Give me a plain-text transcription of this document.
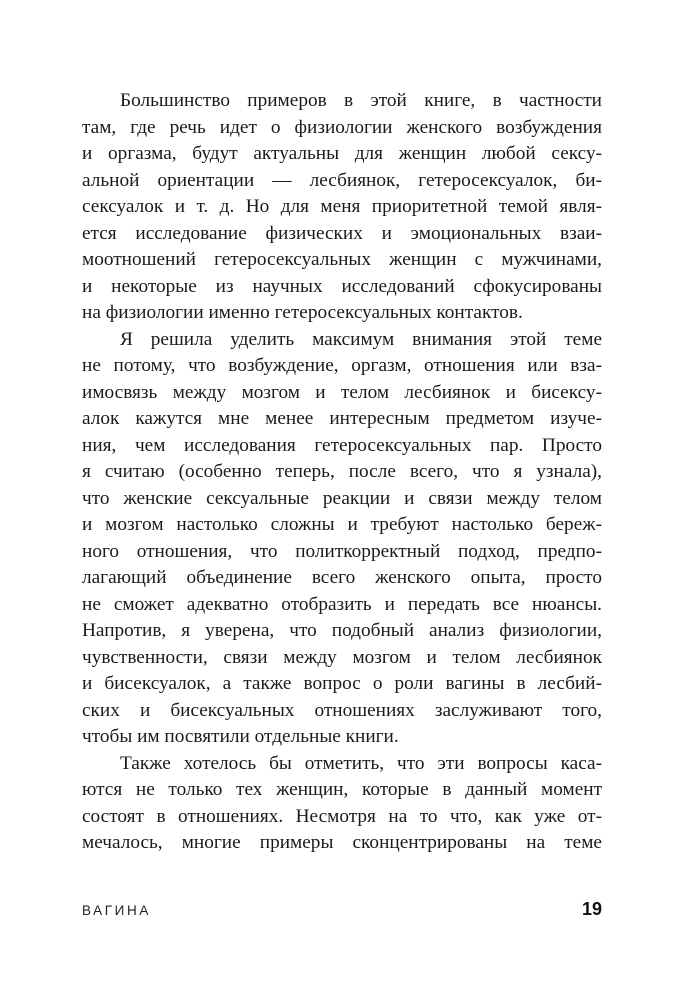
Большинство примеров в этой книге, в частности
там, где речь идет о физиологии женского возбуждения
и оргазма, будут актуальны для женщин любой сексу-
альной ориентации — лесбиянок, гетеросексуалок, би-
сексуалок и т. д. Но для меня приоритетной темой явля-
ется исследование физических и эмоциональных взаи-
моотношений гетеросексуальных женщин с мужчинами,
и некоторые из научных исследований сфокусированы
на физиологии именно гетеросексуальных контактов.

Я решила уделить максимум внимания этой теме
не потому, что возбуждение, оргазм, отношения или вза-
имосвязь между мозгом и телом лесбиянок и бисексу-
алок кажутся мне менее интересным предметом изуче-
ния, чем исследования гетеросексуальных пар. Просто
я считаю (особенно теперь, после всего, что я узнала),
что женские сексуальные реакции и связи между телом
и мозгом настолько сложны и требуют настолько береж-
ного отношения, что политкорректный подход, предпо-
лагающий объединение всего женского опыта, просто
не сможет адекватно отобразить и передать все нюансы.
Напротив, я уверена, что подобный анализ физиологии,
чувственности, связи между мозгом и телом лесбиянок
и бисексуалок, а также вопрос о роли вагины в лесбий-
ских и бисексуальных отношениях заслуживают того,
чтобы им посвятили отдельные книги.

Также хотелось бы отметить, что эти вопросы каса-
ются не только тех женщин, которые в данный момент
состоят в отношениях. Несмотря на то что, как уже от-
мечалось, многие примеры сконцентрированы на теме

ВАГИНА	19
